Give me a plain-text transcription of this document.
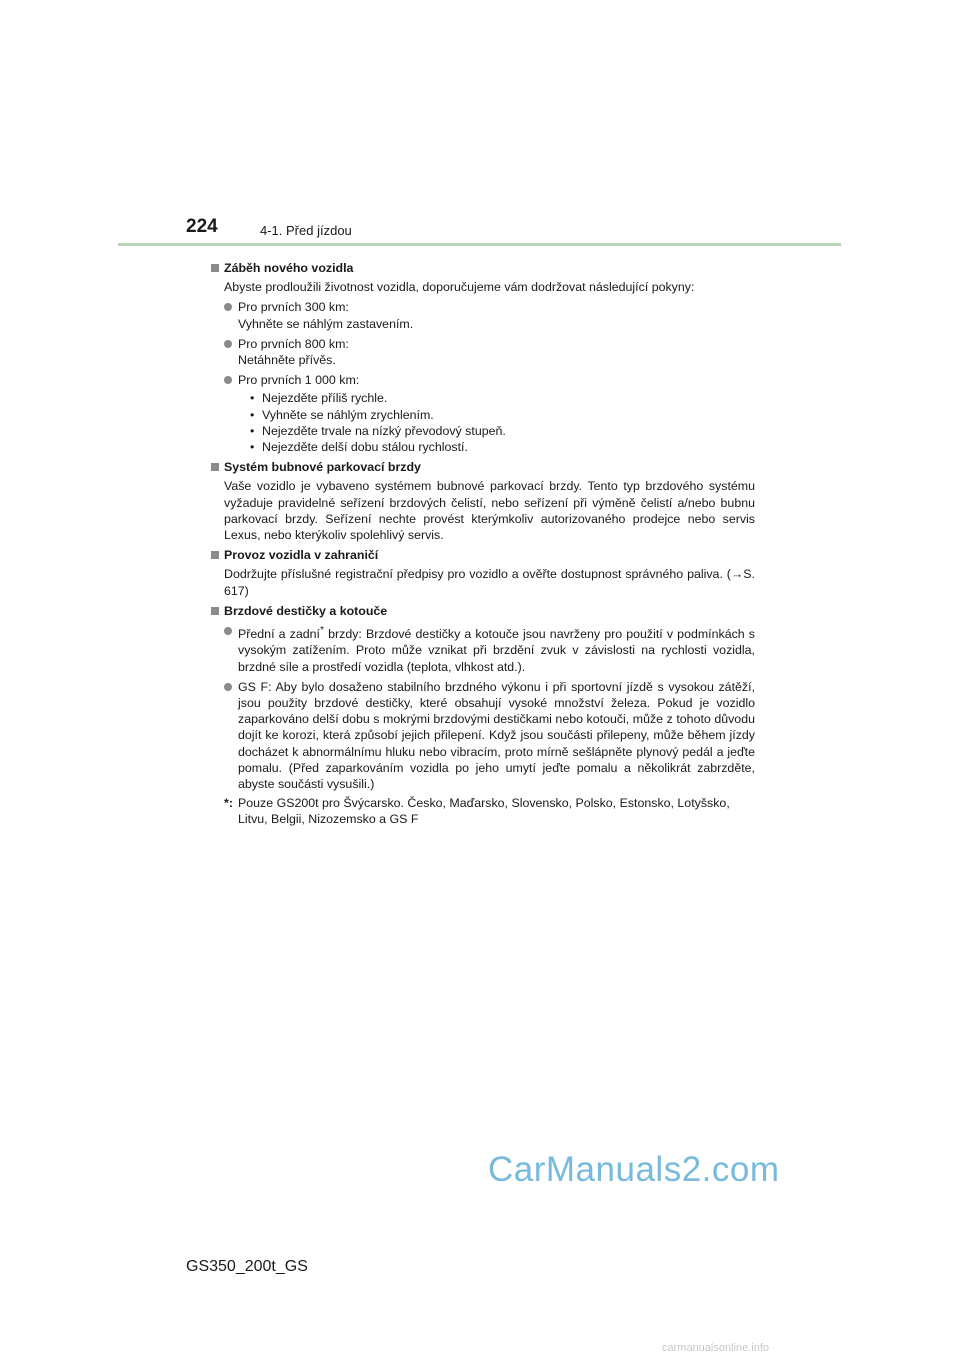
224	4-1. Před jízdou
Záběh nového vozidla
Abyste prodloužili životnost vozidla, doporučujeme vám dodržovat následující pokyny:
Pro prvních 300 km:
Vyhněte se náhlým zastavením.
Pro prvních 800 km:
Netáhněte přívěs.
Pro prvních 1 000 km:
• Nejezděte příliš rychle.
• Vyhněte se náhlým zrychlením.
• Nejezděte trvale na nízký převodový stupeň.
• Nejezděte delší dobu stálou rychlostí.
Systém bubnové parkovací brzdy
Vaše vozidlo je vybaveno systémem bubnové parkovací brzdy. Tento typ brzdového systému vyžaduje pravidelné seřízení brzdových čelistí, nebo seřízení při výměně čelistí a/nebo bubnu parkovací brzdy. Seřízení nechte provést kterýmkoliv autorizovaného prodejce nebo servis Lexus, nebo kterýkoliv spolehlivý servis.
Provoz vozidla v zahraničí
Dodržujte příslušné registrační předpisy pro vozidlo a ověřte dostupnost správného paliva. (→S. 617)
Brzdové destičky a kotouče
Přední a zadní* brzdy: Brzdové destičky a kotouče jsou navrženy pro použití v podmínkách s vysokým zatížením. Proto může vznikat při brzdění zvuk v závislosti na rychlosti vozidla, brzdné síle a prostředí vozidla (teplota, vlhkost atd.).
GS F: Aby bylo dosaženo stabilního brzdného výkonu i při sportovní jízdě s vysokou zátěží, jsou použity brzdové destičky, které obsahují vysoké množství železa. Pokud je vozidlo zaparkováno delší dobu s mokrými brzdovými destičkami nebo kotouči, může z tohoto důvodu dojít ke korozi, která způsobí jejich přilepení. Když jsou součásti přilepeny, může během jízdy docházet k abnormálnímu hluku nebo vibracím, proto mírně sešlápněte plynový pedál a jeďte pomalu. (Před zaparkováním vozidla po jeho umytí jeďte pomalu a několikrát zabrzděte, abyste součásti vysušili.)
*: Pouze GS200t pro Švýcarsko. Česko, Maďarsko, Slovensko, Polsko, Estonsko, Lotyšsko, Litvu, Belgii, Nizozemsko a GS F
CarManuals2.com
GS350_200t_GS
carmanualsonline.info
